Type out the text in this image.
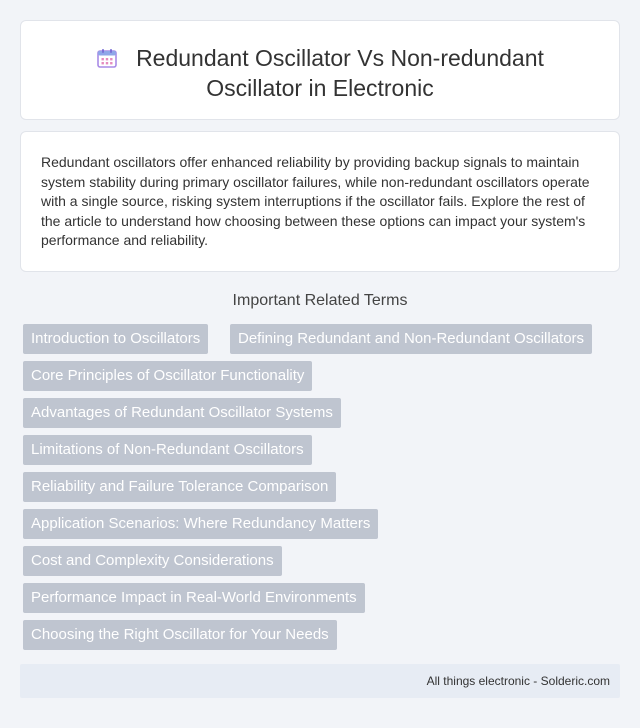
Redundant Oscillator Vs Non-redundant
Oscillator in Electronic

Redundant oscillators offer enhanced reliability by providing backup signals to maintain system stability during primary oscillator failures, while non-redundant oscillators operate with a single source, risking system interruptions if the oscillator fails. Explore the rest of the article to understand how choosing between these options can impact your system's performance and reliability.

Important Related Terms
Introduction to Oscillators	Defining Redundant and Non-Redundant Oscillators
Core Principles of Oscillator Functionality
Advantages of Redundant Oscillator Systems
Limitations of Non-Redundant Oscillators
Reliability and Failure Tolerance Comparison
Application Scenarios: Where Redundancy Matters
Cost and Complexity Considerations
Performance Impact in Real-World Environments
Choosing the Right Oscillator for Your Needs
All things electronic - Solderic.com
